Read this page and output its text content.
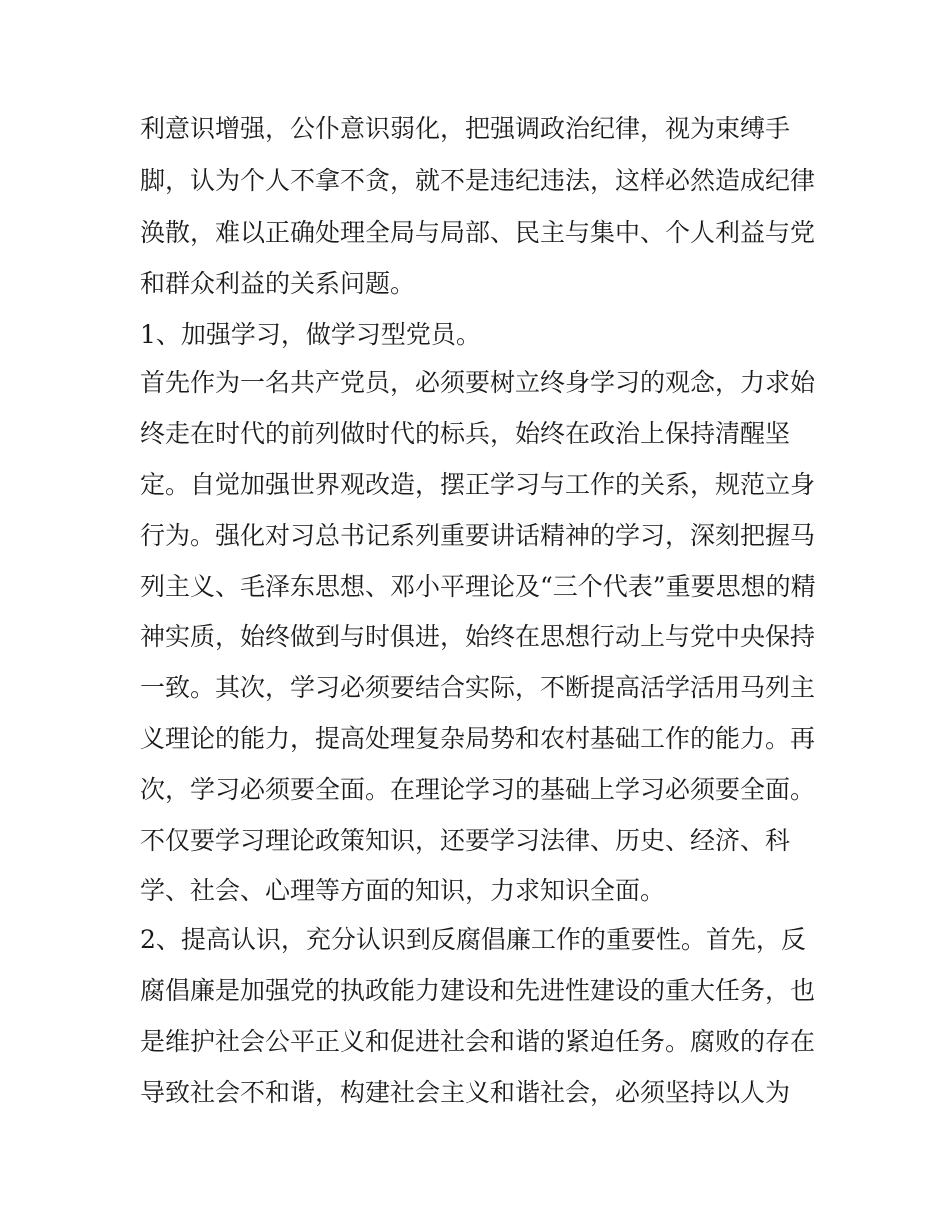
利意识增强，公仆意识弱化，把强调政治纪律，视为束缚手
脚，认为个人不拿不贪，就不是违纪违法，这样必然造成纪律
涣散，难以正确处理全局与局部、民主与集中、个人利益与党
和群众利益的关系问题。
1、加强学习，做学习型党员。
首先作为一名共产党员，必须要树立终身学习的观念，力求始
终走在时代的前列做时代的标兵，始终在政治上保持清醒坚
定。自觉加强世界观改造，摆正学习与工作的关系，规范立身
行为。强化对习总书记系列重要讲话精神的学习，深刻把握马
列主义、毛泽东思想、邓小平理论及“三个代表”重要思想的精
神实质，始终做到与时俱进，始终在思想行动上与党中央保持
一致。其次，学习必须要结合实际，不断提高活学活用马列主
义理论的能力，提高处理复杂局势和农村基础工作的能力。再
次，学习必须要全面。在理论学习的基础上学习必须要全面。
不仅要学习理论政策知识，还要学习法律、历史、经济、科
学、社会、心理等方面的知识，力求知识全面。
2、提高认识，充分认识到反腐倡廉工作的重要性。首先，反
腐倡廉是加强党的执政能力建设和先进性建设的重大任务，也
是维护社会公平正义和促进社会和谐的紧迫任务。腐败的存在
导致社会不和谐，构建社会主义和谐社会，必须坚持以人为
